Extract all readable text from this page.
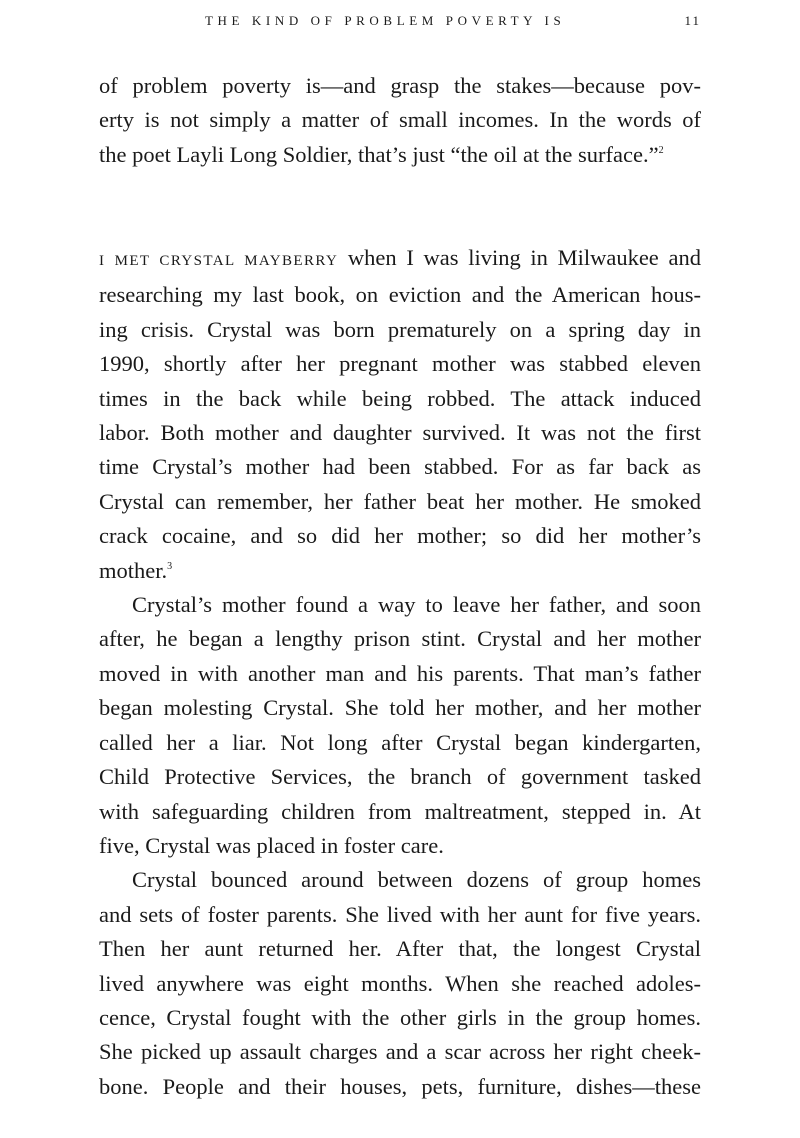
THE KIND OF PROBLEM POVERTY IS	11
of problem poverty is—and grasp the stakes—because pov-
erty is not simply a matter of small incomes. In the words of
the poet Layli Long Soldier, that’s just “the oil at the surface.”$^2$
I MET CRYSTAL MAYBERRY when I was living in Milwaukee and
researching my last book, on eviction and the American hous-
ing crisis. Crystal was born prematurely on a spring day in
1990, shortly after her pregnant mother was stabbed eleven
times in the back while being robbed. The attack induced
labor. Both mother and daughter survived. It was not the first
time Crystal’s mother had been stabbed. For as far back as
Crystal can remember, her father beat her mother. He smoked
crack cocaine, and so did her mother; so did her mother’s
mother.$^3$
Crystal’s mother found a way to leave her father, and soon
after, he began a lengthy prison stint. Crystal and her mother
moved in with another man and his parents. That man’s father
began molesting Crystal. She told her mother, and her mother
called her a liar. Not long after Crystal began kindergarten,
Child Protective Services, the branch of government tasked
with safeguarding children from maltreatment, stepped in. At
five, Crystal was placed in foster care.
Crystal bounced around between dozens of group homes
and sets of foster parents. She lived with her aunt for five years.
Then her aunt returned her. After that, the longest Crystal
lived anywhere was eight months. When she reached adoles-
cence, Crystal fought with the other girls in the group homes.
She picked up assault charges and a scar across her right cheek-
bone. People and their houses, pets, furniture, dishes—these
